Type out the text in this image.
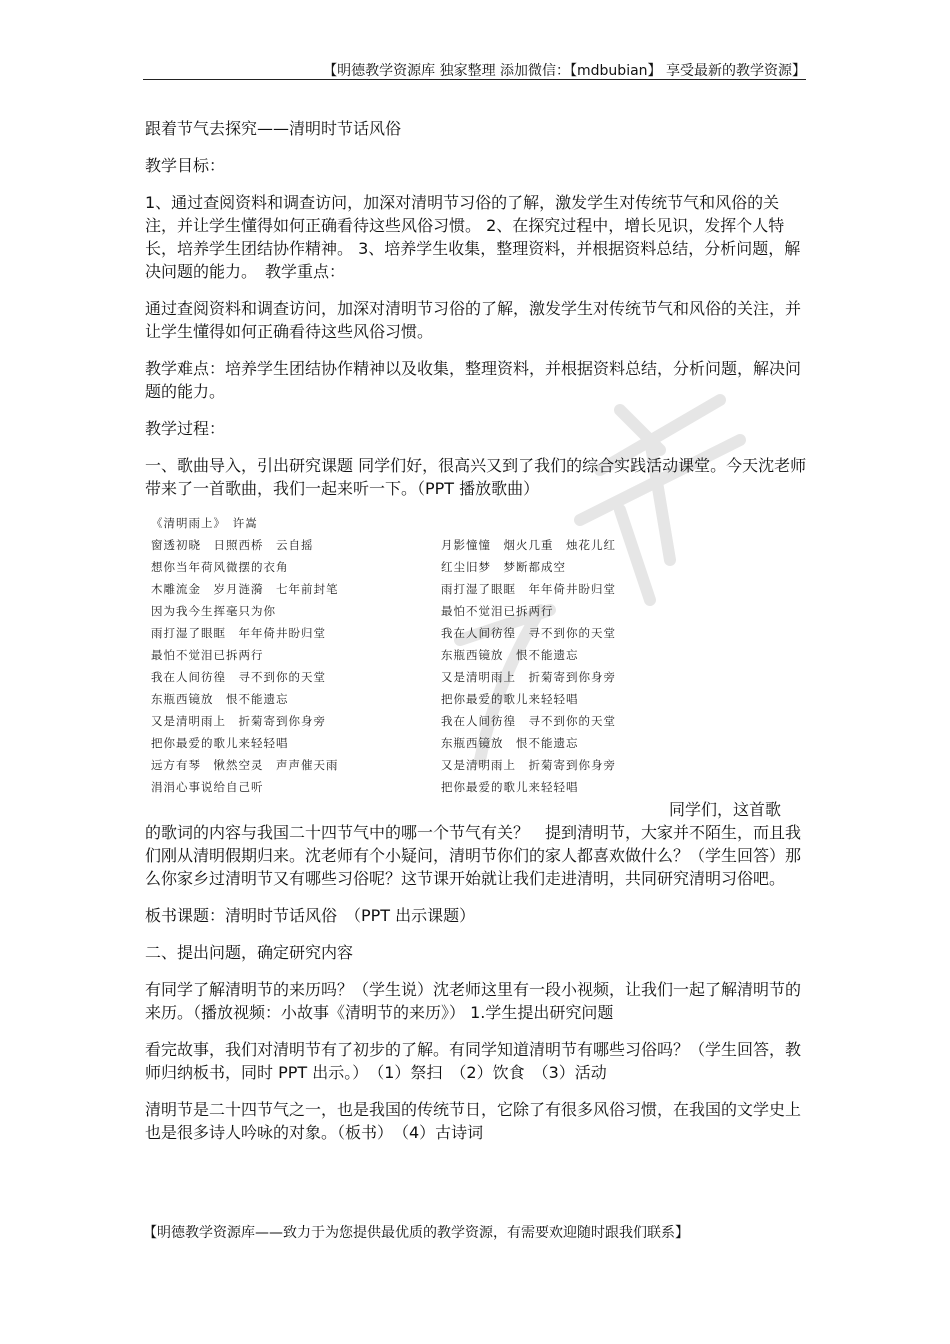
【明德教学资源库 独家整理 添加微信：【mdbubian】 享受最新的教学资源】

跟着节气去探究——清明时节话风俗

教学目标：

1、通过查阅资料和调查访问，加深对清明节习俗的了解，激发学生对传统节气和风俗的关注，并让学生懂得如何正确看待这些风俗习惯。 2、在探究过程中，增长见识，发挥个人特长，培养学生团结协作精神。 3、培养学生收集，整理资料，并根据资料总结，分析问题，解决问题的能力。　教学重点：

通过查阅资料和调查访问，加深对清明节习俗的了解，激发学生对传统节气和风俗的关注，并让学生懂得如何正确看待这些风俗习惯。

教学难点：培养学生团结协作精神以及收集，整理资料，并根据资料总结，分析问题，解决问题的能力。

教学过程：

一、歌曲导入，引出研究课题 同学们好，很高兴又到了我们的综合实践活动课堂。今天沈老师带来了一首歌曲，我们一起来听一下。（PPT 播放歌曲）

《清明雨上》　许嵩
窗透初晓　日照西桥　云自摇
想你当年荷风微摆的衣角
木雕流金　岁月涟漪　七年前封笔
因为我今生挥毫只为你
雨打湿了眼眶　年年倚井盼归堂
最怕不觉泪已拆两行
我在人间彷徨　寻不到你的天堂
东瓶西镜放　恨不能遗忘
又是清明雨上　折菊寄到你身旁
把你最爱的歌儿来轻轻唱
远方有琴　愀然空灵　声声催天雨
涓涓心事说给自己听
月影憧憧　烟火几重　烛花儿红
红尘旧梦　梦断都成空
雨打湿了眼眶　年年倚井盼归堂
最怕不觉泪已拆两行
我在人间彷徨　寻不到你的天堂
东瓶西镜放　恨不能遗忘
又是清明雨上　折菊寄到你身旁
把你最爱的歌儿来轻轻唱
我在人间彷徨　寻不到你的天堂
东瓶西镜放　恨不能遗忘
又是清明雨上　折菊寄到你身旁
把你最爱的歌儿来轻轻唱

同学们，这首歌
的歌词的内容与我国二十四节气中的哪一个节气有关？　提到清明节，大家并不陌生，而且我们刚从清明假期归来。沈老师有个小疑问，清明节你们的家人都喜欢做什么？（学生回答）那么你家乡过清明节又有哪些习俗呢？这节课开始就让我们走进清明，共同研究清明习俗吧。

板书课题：清明时节话风俗　（PPT 出示课题）

二、提出问题，确定研究内容

有同学了解清明节的来历吗？（学生说）沈老师这里有一段小视频，让我们一起了解清明节的来历。（播放视频：小故事《清明节的来历》） 1.学生提出研究问题

看完故事，我们对清明节有了初步的了解。有同学知道清明节有哪些习俗吗？（学生回答，教师归纳板书，同时 PPT 出示。）　（1）祭扫　（2）饮食　（3）活动

清明节是二十四节气之一，也是我国的传统节日，它除了有很多风俗习惯，在我国的文学史上也是很多诗人吟咏的对象。（板书）　（4）古诗词

【明德教学资源库——致力于为您提供最优质的教学资源，有需要欢迎随时跟我们联系】
